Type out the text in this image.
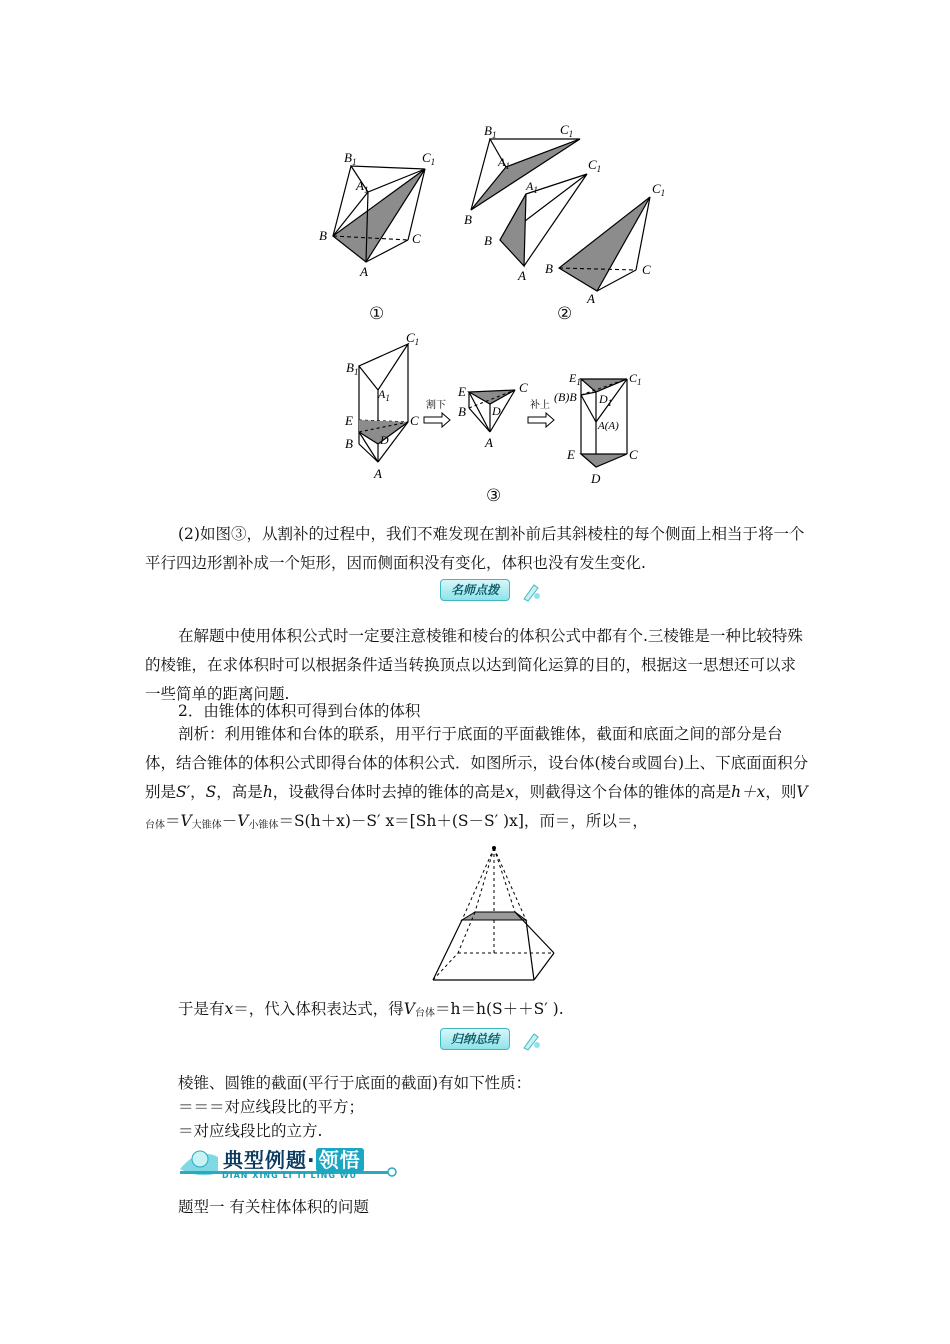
$B_1$
$A_1$
$C_1$
B	C
A
①
$B_1$	$C_1$
$A_1$
B
$C_1$
$A_1$
B
A
$C_1$
B	C
A
②
$B_1$
$C_1$
$A_1$
E
B
C
D
A
割下
E
B
C
D
A
补上
$E_1$
(B)B $D_1$
$C_1$
A(A)
E	C
D
③
(2)如图③，从割补的过程中，我们不难发现在割补前后其斜棱柱的每个侧面上相当于将一个平行四边形割补成一个矩形，因而侧面积没有变化，体积也没有发生变化.
名师点拨
在解题中使用体积公式时一定要注意棱锥和棱台的体积公式中都有个.三棱锥是一种比较特殊的棱锥，在求体积时可以根据条件适当转换顶点以达到简化运算的目的，根据这一思想还可以求一些简单的距离问题.
2．由锥体的体积可得到台体的体积
剖析：利用锥体和台体的联系，用平行于底面的平面截锥体，截面和底面之间的部分是台体，结合锥体的体积公式即得台体的体积公式．如图所示，设台体(棱台或圆台)上、下底面面积分别是S′，S，高是h，设截得台体时去掉的锥体的高是x，则截得这个台体的锥体的高是h＋x，则$V_{台体}=V_{大锥体}-V_{小锥体}=S(h+x)-S'$ x＝[Sh＋(S－S′ )x]，而＝，所以＝，
于是有x＝，代入体积表达式，得$V_{台体}=h=h(S++S'$ ).
归纳总结
棱锥、圆锥的截面(平行于底面的截面)有如下性质：
＝＝＝对应线段比的平方；
＝对应线段比的立方.
典型例题· 领悟
DIAN XING LI TI LING WU
题型一 有关柱体体积的问题
